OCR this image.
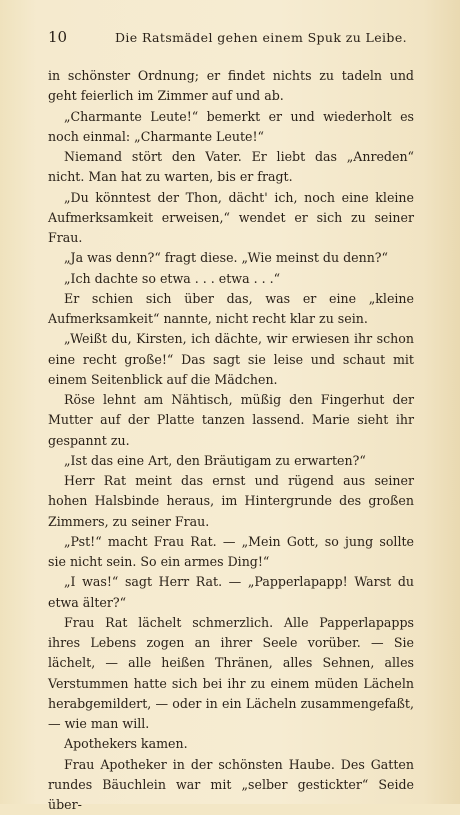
10	Die Ratsmädel gehen einem Spuk zu Leibe.

in schönster Ordnung; er findet nichts zu tadeln und geht feierlich im Zimmer auf und ab.

„Charmante Leute!“ bemerkt er und wiederholt es noch einmal: „Charmante Leute!“

Niemand stört den Vater. Er liebt das „Anreden“ nicht. Man hat zu warten, bis er fragt.

„Du könntest der Thon, dächt' ich, noch eine kleine Aufmerksamkeit erweisen,“ wendet er sich zu seiner Frau.

„Ja was denn?“ fragt diese. „Wie meinst du denn?“

„Ich dachte so etwa . . . etwa . . .“

Er schien sich über das, was er eine „kleine Aufmerksamkeit“ nannte, nicht recht klar zu sein.

„Weißt du, Kirsten, ich dächte, wir erwiesen ihr schon eine recht große!“ Das sagt sie leise und schaut mit einem Seitenblick auf die Mädchen.

Röse lehnt am Nähtisch, müßig den Fingerhut der Mutter auf der Platte tanzen lassend. Marie sieht ihr gespannt zu.

„Ist das eine Art, den Bräutigam zu erwarten?“

Herr Rat meint das ernst und rügend aus seiner hohen Halsbinde heraus, im Hintergrunde des großen Zimmers, zu seiner Frau.

„Pst!“ macht Frau Rat. — „Mein Gott, so jung sollte sie nicht sein. So ein armes Ding!“

„I was!“ sagt Herr Rat. — „Papperlapapp! Warst du etwa älter?“

Frau Rat lächelt schmerzlich. Alle Papperlapapps ihres Lebens zogen an ihrer Seele vorüber. — Sie lächelt, — alle heißen Thränen, alles Sehnen, alles Verstummen hatte sich bei ihr zu einem müden Lächeln herabgemildert, — oder in ein Lächeln zusammengefaßt, — wie man will.

Apothekers kamen.

Frau Apotheker in der schönsten Haube. Des Gatten rundes Bäuchlein war mit „selber gestickter“ Seide über-
